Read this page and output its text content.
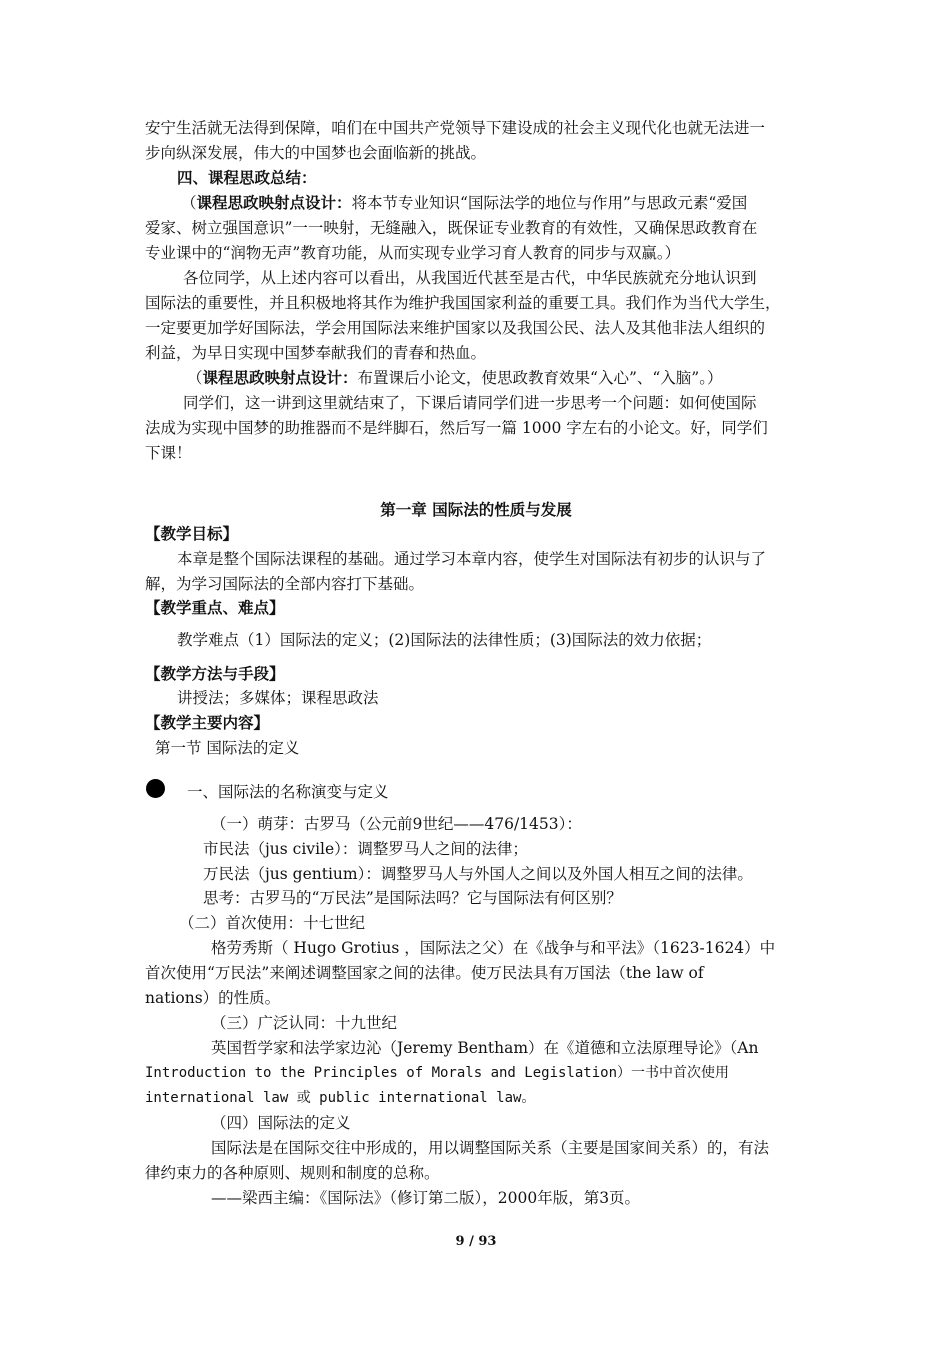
安宁生活就无法得到保障，咱们在中国共产党领导下建设成的社会主义现代化也就无法进一
步向纵深发展，伟大的中国梦也会面临新的挑战。
四、课程思政总结：
（课程思政映射点设计：将本节专业知识“国际法学的地位与作用”与思政元素“爱国
爱家、树立强国意识”一一映射，无缝融入，既保证专业教育的有效性，又确保思政教育在
专业课中的“润物无声”教育功能，从而实现专业学习育人教育的同步与双赢。）
各位同学，从上述内容可以看出，从我国近代甚至是古代，中华民族就充分地认识到
国际法的重要性，并且积极地将其作为维护我国国家利益的重要工具。我们作为当代大学生，
一定要更加学好国际法，学会用国际法来维护国家以及我国公民、法人及其他非法人组织的
利益，为早日实现中国梦奉献我们的青春和热血。
（课程思政映射点设计：布置课后小论文，使思政教育效果“入心”、“入脑”。）
同学们，这一讲到这里就结束了，下课后请同学们进一步思考一个问题：如何使国际
法成为实现中国梦的助推器而不是绊脚石，然后写一篇 1000 字左右的小论文。好，同学们
下课！
第一章 国际法的性质与发展
【教学目标】
本章是整个国际法课程的基础。通过学习本章内容，使学生对国际法有初步的认识与了
解，为学习国际法的全部内容打下基础。
【教学重点、难点】
教学难点（1）国际法的定义；(2)国际法的法律性质；(3)国际法的效力依据；
【教学方法与手段】
讲授法；多媒体；课程思政法
【教学主要内容】
第一节 国际法的定义
一、国际法的名称演变与定义
（一）萌芽：古罗马（公元前9世纪——476/1453）：
市民法（jus civile）：调整罗马人之间的法律；
万民法（jus gentium）：调整罗马人与外国人之间以及外国人相互之间的法律。
思考：古罗马的“万民法”是国际法吗？它与国际法有何区别？
（二）首次使用：十七世纪
格劳秀斯（ Hugo Grotius ，国际法之父）在《战争与和平法》（1623-1624）中
首次使用“万民法”来阐述调整国家之间的法律。使万民法具有万国法（the law of
nations）的性质。
（三）广泛认同：十九世纪
英国哲学家和法学家边沁（Jeremy Bentham）在《道德和立法原理导论》（An
Introduction to the Principles of Morals and Legislation）一书中首次使用
international law 或 public international law。
（四）国际法的定义
国际法是在国际交往中形成的，用以调整国际关系（主要是国家间关系）的，有法
律约束力的各种原则、规则和制度的总称。
——梁西主编：《国际法》（修订第二版），2000年版，第3页。
9 / 93
